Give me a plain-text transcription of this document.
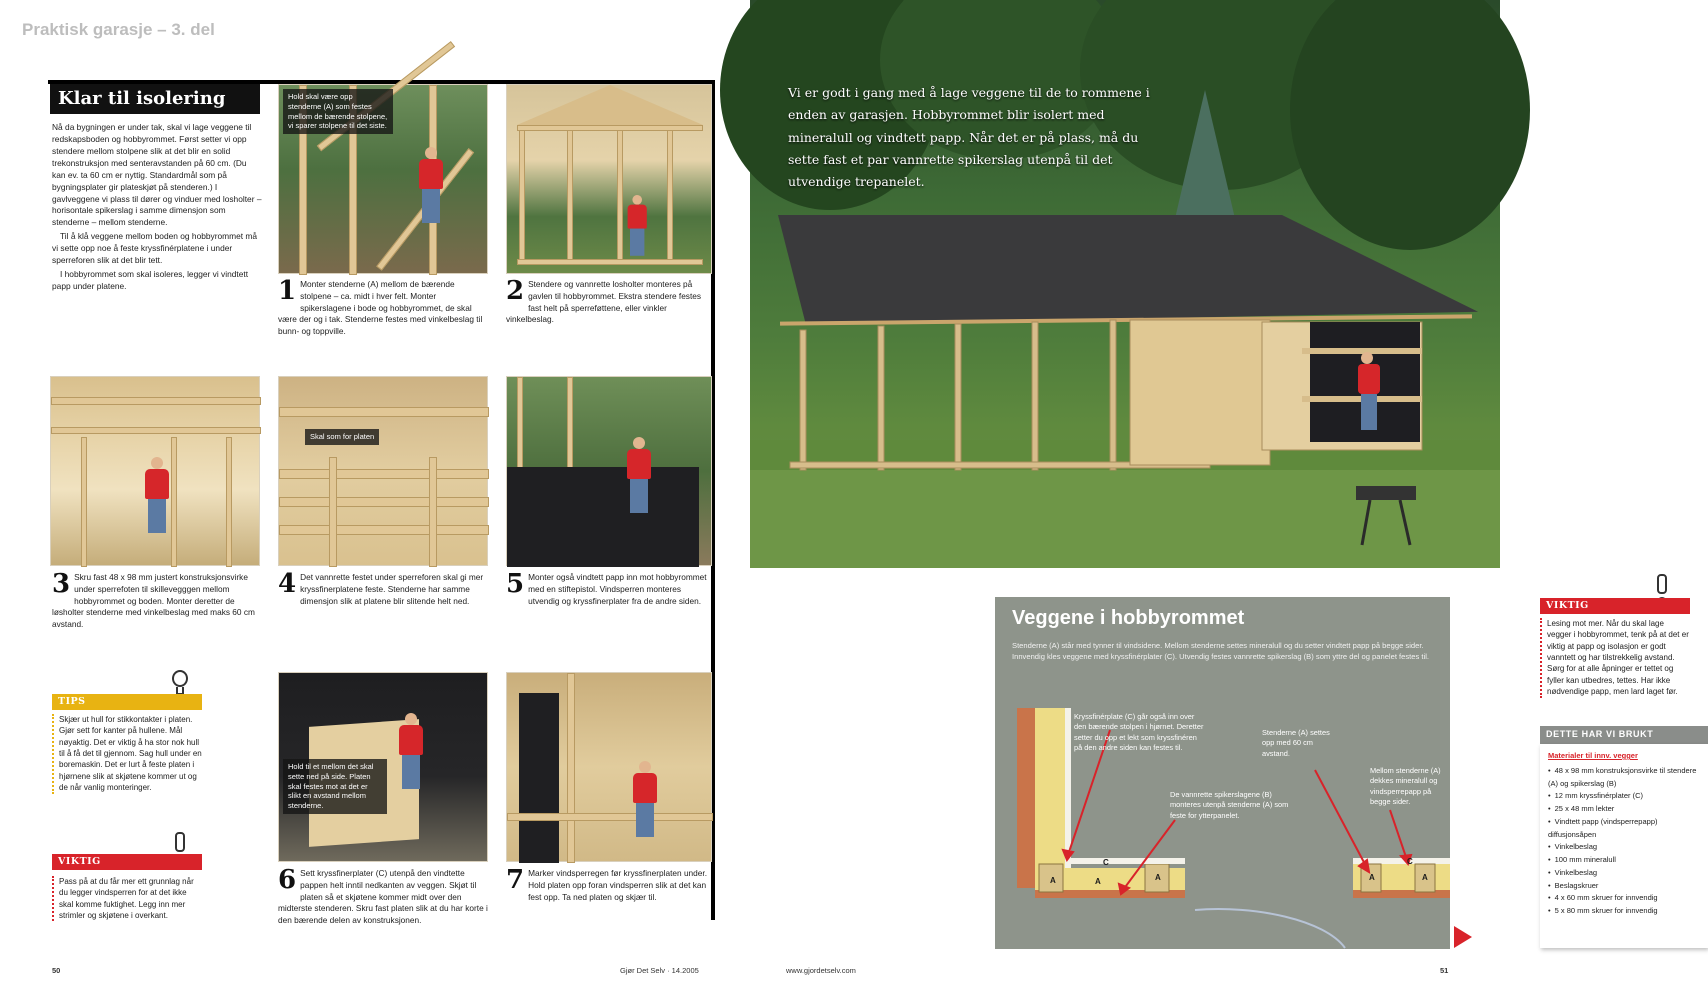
Praktisk garasje – 3. del
Klar til isolering

Nå da bygningen er under tak, skal vi lage veggene til redskapsboden og hobbyrommet. Først setter vi opp stendere mellom stolpene slik at det blir en solid trekonstruksjon med senteravstanden på 60 cm. (Du kan ev. ta 60 cm er nyttig. Standardmål som på bygningsplater gir plateskjøt på stenderen.) I gavlveggene vi plass til dører og vinduer med losholter – horisontale spikerslag i samme dimensjon som stenderne – mellom stenderne.

Til å klå veggene mellom boden og hobbyrommet må vi sette opp noe å feste kryssfinérplatene i under sperreforen slik at det blir tett.

I hobbyrommet som skal isoleres, legger vi vindtett papp under platene.

Hold skal være opp stenderne (A) som festes mellom de bærende stolpene, vi sparer stolpene til det siste.
1 Monter stenderne (A) mellom de bærende stolpene – ca. midt i hver felt. Monter spikerslagene i bode og hobbyrommet, de skal være der og i tak. Stenderne festes med vinkelbeslag til bunn- og toppville.
2 Stendere og vannrette losholter monteres på gavlen til hobbyrommet. Ekstra stendere festes fast helt på sperreføttene, eller vinkler vinkelbeslag.
Skal som for platen
3 Skru fast 48 x 98 mm justert konstruksjonsvirke under sperrefoten til skillevegggen mellom hobbyrommet og boden. Monter deretter de løsholter stenderne med vinkelbeslag med maks 60 cm avstand.
4 Det vannrette festet under sperreforen skal gi mer kryssfinerplatene feste. Stenderne har samme dimensjon slik at platene blir slitende helt ned.
5 Monter også vindtett papp inn mot hobbyrommet med en stiftepistol. Vindsperren monteres utvendig og kryssfinerplater fra de andre siden.
TIPS
Skjær ut hull for stikkontakter i platen. Gjør sett for kanter på hullene. Mål nøyaktig. Det er viktig å ha stor nok hull til å få det til gjennom. Sag hull under en boremaskin. Det er lurt å feste platen i hjørnene slik at skjøtene kommer ut og de når vanlig monteringer.
VIKTIG
Pass på at du får mer ett grunnlag når du legger vindsperren for at det ikke skal komme fuktighet. Legg inn mer strimler og skjøtene i overkant.
Hold til et mellom det skal sette ned på side. Platen skal festes mot at det er slikt en avstand mellom stenderne.
6 Sett kryssfinerplater (C) utenpå den vindtette pappen helt inntil nedkanten av veggen. Skjøt til platen så et skjøtene kommer midt over den midterste stenderen. Skru fast platen slik at du har korte i den bærende delen av konstruksjonen.
7 Marker vindsperregen før kryssfinerplaten under. Hold platen opp foran vindsperren slik at det kan fest opp. Ta ned platen og skjær til.
50	Gjør Det Selv · 14.2005
Vi er godt i gang med å lage veggene til de to rommene i enden av garasjen. Hobbyrommet blir isolert med mineralull og vindtett papp. Når det er på plass, må du sette fast et par vannrette spikerslag utenpå til det utvendige trepanelet.
VIKTIG
Lesing mot mer. Når du skal lage vegger i hobbyrommet, tenk på at det er viktig at papp og isolasjon er godt vanntett og har tilstrekkelig avstand. Sørg for at alle åpninger er tettet og fyller kan utbedres, tettes. Har ikke nødvendige papp, men lard laget før.
DETTE HAR VI BRUKT
Materialer til innv. vegger
• 48 x 98 mm konstruksjonsvirke til stendere (A) og spikerslag (B)
• 12 mm kryssfinérplater (C)
• 25 x 48 mm lekter
• Vindtett papp (vindsperrepapp) diffusjonsåpen
• Vinkelbeslag
• 100 mm mineralull
• Vinkelbeslag
• Beslagskruer
• 4 x 60 mm skruer for innvendig
• 5 x 80 mm skruer for innvendig
www.gjordetselv.com	51
Veggene i hobbyrommet
Stenderne (A) står med tynner til vindsidene. Mellom stenderne settes mineralull og du setter vindtett papp på begge sider. Innvendig kles veggene med kryssfinérplater (C). Utvendig festes vannrette spikerslag (B) som yttre del og panelet festes til.
C
A	A	A
C
A
A
Kryssfinérplate (C) går også inn over den bærende stolpen i hjørnet. Deretter setter du opp et lekt som kryssfinéren på den andre siden kan festes til.
Stenderne (A) settes opp med 60 cm avstand.
De vannrette spikerslagene (B) monteres utenpå stenderne (A) som feste for ytterpanelet.
Mellom stenderne (A) dekkes mineralull og vindsperrepapp på begge sider.
